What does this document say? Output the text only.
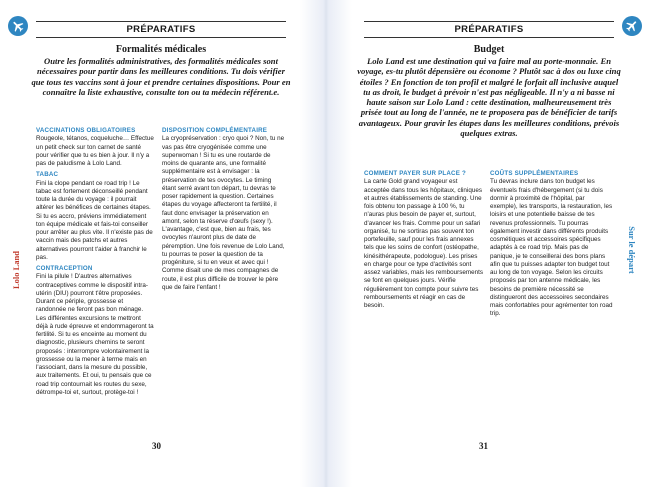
PRÉPARATIFS
Formalités médicales
Outre les formalités administratives, des formalités médicales sont nécessaires pour partir dans les meilleures conditions. Tu dois vérifier que tous tes vaccins sont à jour et prendre certaines dispositions. Pour en connaître la liste exhaustive, consulte ton ou ta médecin référent.e.
VACCINATIONS OBLIGATOIRES

Rougeole, tétanos, coqueluche… Effectue un petit check sur ton carnet de santé pour vérifier que tu es bien à jour. Il n'y a pas de paludisme à Lolo Land.

TABAC

Fini la clope pendant ce road trip ! Le tabac est fortement déconseillé pendant toute la durée du voyage : il pourrait altérer les bénéfices de certaines étapes. Si tu es accro, préviens immédiatement ton équipe médicale et fais-toi conseiller pour arrêter au plus vite. Il n'existe pas de vaccin mais des patchs et autres alternatives pourront t'aider à franchir le pas.

CONTRACEPTION

Fini la pilule ! D'autres alternatives contraceptives comme le dispositif intra-utérin (DIU) pourront t'être proposées. Durant ce périple, grossesse et randonnée ne feront pas bon ménage. Les différentes excursions te mettront déjà à rude épreuve et endommageront ta fertilité. Si tu es enceinte au moment du diagnostic, plusieurs chemins te seront proposés : interrompre volontairement la grossesse ou la mener à terme mais en l'associant, dans la mesure du possible, aux traitements. Et oui, tu pensais que ce road trip contournait les routes du sexe, détrompe-toi et, surtout, protège-toi !

DISPOSITION COMPLÉMENTAIRE

La cryopréservation : cryo quoi ? Non, tu ne vas pas être cryogénisée comme une superwoman ! Si tu es une routarde de moins de quarante ans, une formalité supplémentaire est à envisager : la préservation de tes ovocytes. Le timing étant serré avant ton départ, tu devras te poser rapidement la question. Certaines étapes du voyage affecteront ta fertilité, il faut donc envisager la préservation en amont, selon ta réserve d'œufs (sexy !). L'avantage, c'est que, bien au frais, tes ovocytes n'auront plus de date de péremption. Une fois revenue de Lolo Land, tu pourras te poser la question de ta progéniture, si tu en veux et avec qui ! Comme disait une de mes compagnes de route, il est plus difficile de trouver le père que de faire l'enfant !

Lolo Land
30
PRÉPARATIFS
Budget
Lolo Land est une destination qui va faire mal au porte-monnaie. En voyage, es-tu plutôt dépensière ou économe ? Plutôt sac à dos ou luxe cinq étoiles ? En fonction de ton profil et malgré le forfait all inclusive auquel tu as droit, le budget à prévoir n'est pas négligeable. Il n'y a ni basse ni haute saison sur Lolo Land : cette destination, malheureusement très prisée tout au long de l'année, ne te proposera pas de bénéficier de tarifs avantageux. Pour gravir les étapes dans les meilleures conditions, prévois quelques extras.
COMMENT PAYER SUR PLACE ?

La carte Gold grand voyageur est acceptée dans tous les hôpitaux, cliniques et autres établissements de standing. Une fois obtenu ton passage à 100 %, tu n'auras plus besoin de payer et, surtout, d'avancer les frais. Comme pour un safari organisé, tu ne sortiras pas souvent ton portefeuille, sauf pour les frais annexes tels que les soins de confort (ostéopathe, kinésithérapeute, podologue). Les prises en charge pour ce type d'activités sont assez variables, mais les remboursements se font en quelques jours. Vérifie régulièrement ton compte pour suivre tes remboursements et réagir en cas de besoin.

COÛTS SUPPLÉMENTAIRES

Tu devras inclure dans ton budget les éventuels frais d'hébergement (si tu dois dormir à proximité de l'hôpital, par exemple), les transports, la restauration, les loisirs et une potentielle baisse de tes revenus professionnels. Tu pourras également investir dans différents produits cosmétiques et accessoires spécifiques adaptés à ce road trip. Mais pas de panique, je te conseillerai des bons plans afin que tu puisses adapter ton budget tout au long de ton voyage. Selon les circuits proposés par ton antenne médicale, les besoins de première nécessité se distingueront des accessoires secondaires mais confortables pour agrémenter ton road trip.

Sur le départ
31
